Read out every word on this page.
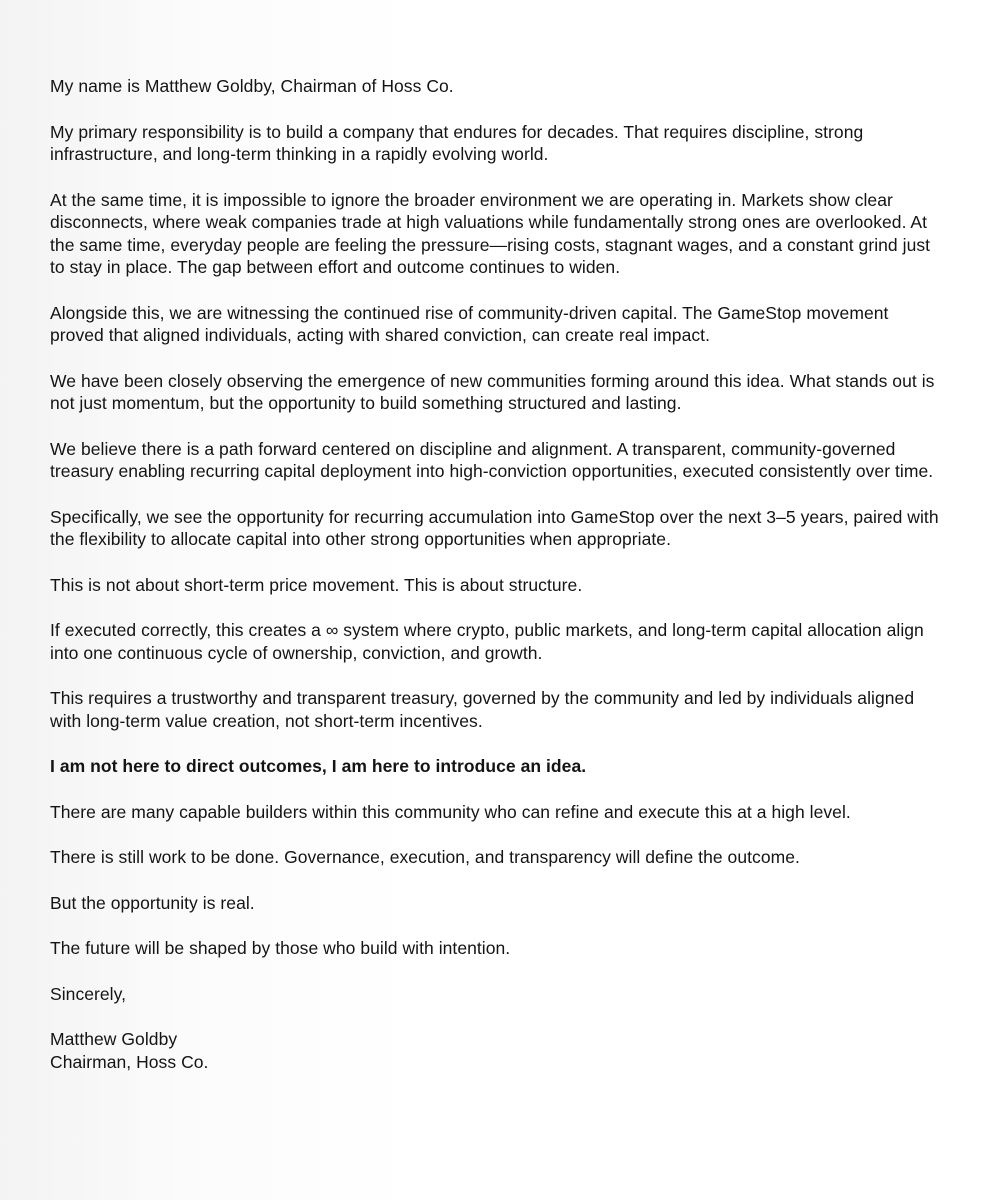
My name is Matthew Goldby, Chairman of Hoss Co.

My primary responsibility is to build a company that endures for decades. That requires discipline, strong infrastructure, and long-term thinking in a rapidly evolving world.

At the same time, it is impossible to ignore the broader environment we are operating in. Markets show clear disconnects, where weak companies trade at high valuations while fundamentally strong ones are overlooked. At the same time, everyday people are feeling the pressure—rising costs, stagnant wages, and a constant grind just to stay in place. The gap between effort and outcome continues to widen.

Alongside this, we are witnessing the continued rise of community-driven capital. The GameStop movement proved that aligned individuals, acting with shared conviction, can create real impact.

We have been closely observing the emergence of new communities forming around this idea. What stands out is not just momentum, but the opportunity to build something structured and lasting.

We believe there is a path forward centered on discipline and alignment. A transparent, community-governed treasury enabling recurring capital deployment into high-conviction opportunities, executed consistently over time.

Specifically, we see the opportunity for recurring accumulation into GameStop over the next 3–5 years, paired with the flexibility to allocate capital into other strong opportunities when appropriate.

This is not about short-term price movement. This is about structure.

If executed correctly, this creates a ∞ system where crypto, public markets, and long-term capital allocation align into one continuous cycle of ownership, conviction, and growth.

This requires a trustworthy and transparent treasury, governed by the community and led by individuals aligned with long-term value creation, not short-term incentives.

I am not here to direct outcomes, I am here to introduce an idea.

There are many capable builders within this community who can refine and execute this at a high level.

There is still work to be done. Governance, execution, and transparency will define the outcome.

But the opportunity is real.

The future will be shaped by those who build with intention.

Sincerely,

Matthew Goldby
Chairman, Hoss Co.
